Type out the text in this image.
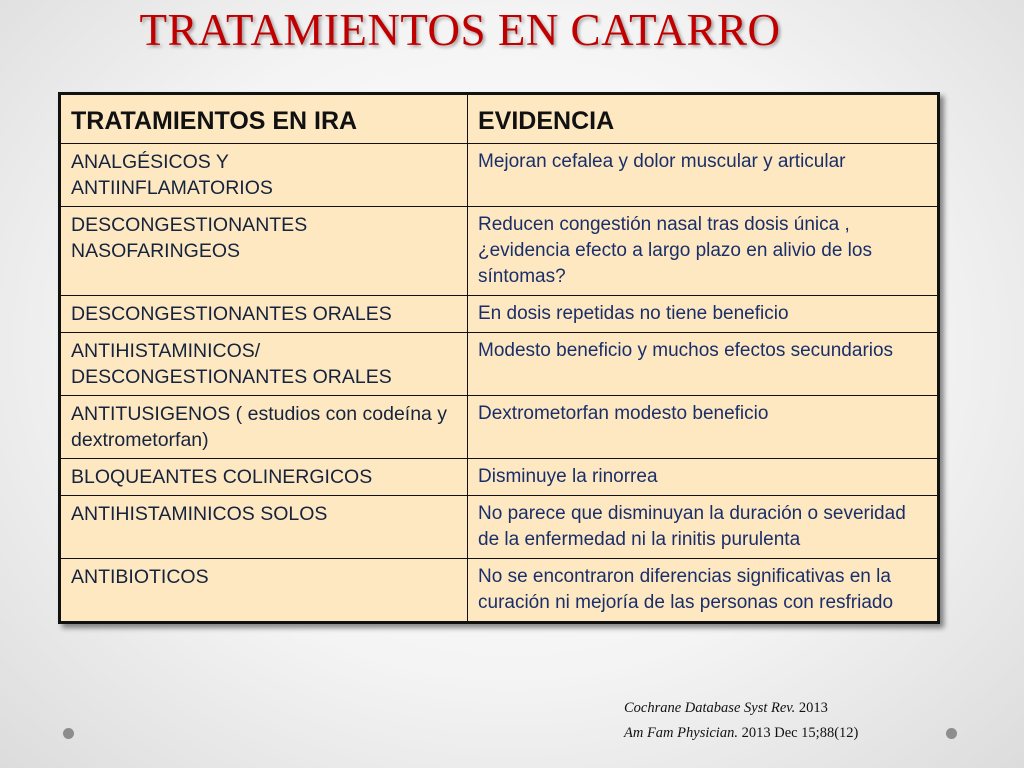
TRATAMIENTOS EN CATARRO
TRATAMIENTOS EN IRA	EVIDENCIA
ANALGÉSICOS Y
ANTIINFLAMATORIOS	Mejoran cefalea y dolor muscular y articular
DESCONGESTIONANTES
NASOFARINGEOS	Reducen congestión nasal tras dosis única , ¿evidencia efecto a largo plazo en alivio de los síntomas?
DESCONGESTIONANTES ORALES	En dosis repetidas no tiene beneficio
ANTIHISTAMINICOS/
DESCONGESTIONANTES ORALES	Modesto beneficio y muchos efectos secundarios
ANTITUSIGENOS ( estudios con codeína y dextrometorfan)	Dextrometorfan modesto beneficio
BLOQUEANTES COLINERGICOS	Disminuye la rinorrea
ANTIHISTAMINICOS SOLOS	No parece que disminuyan la duración o severidad de la enfermedad ni la rinitis purulenta
ANTIBIOTICOS	No se encontraron diferencias significativas en la curación ni mejoría de las personas con resfriado
Cochrane Database Syst Rev. 2013
Am Fam Physician. 2013 Dec 15;88(12)
